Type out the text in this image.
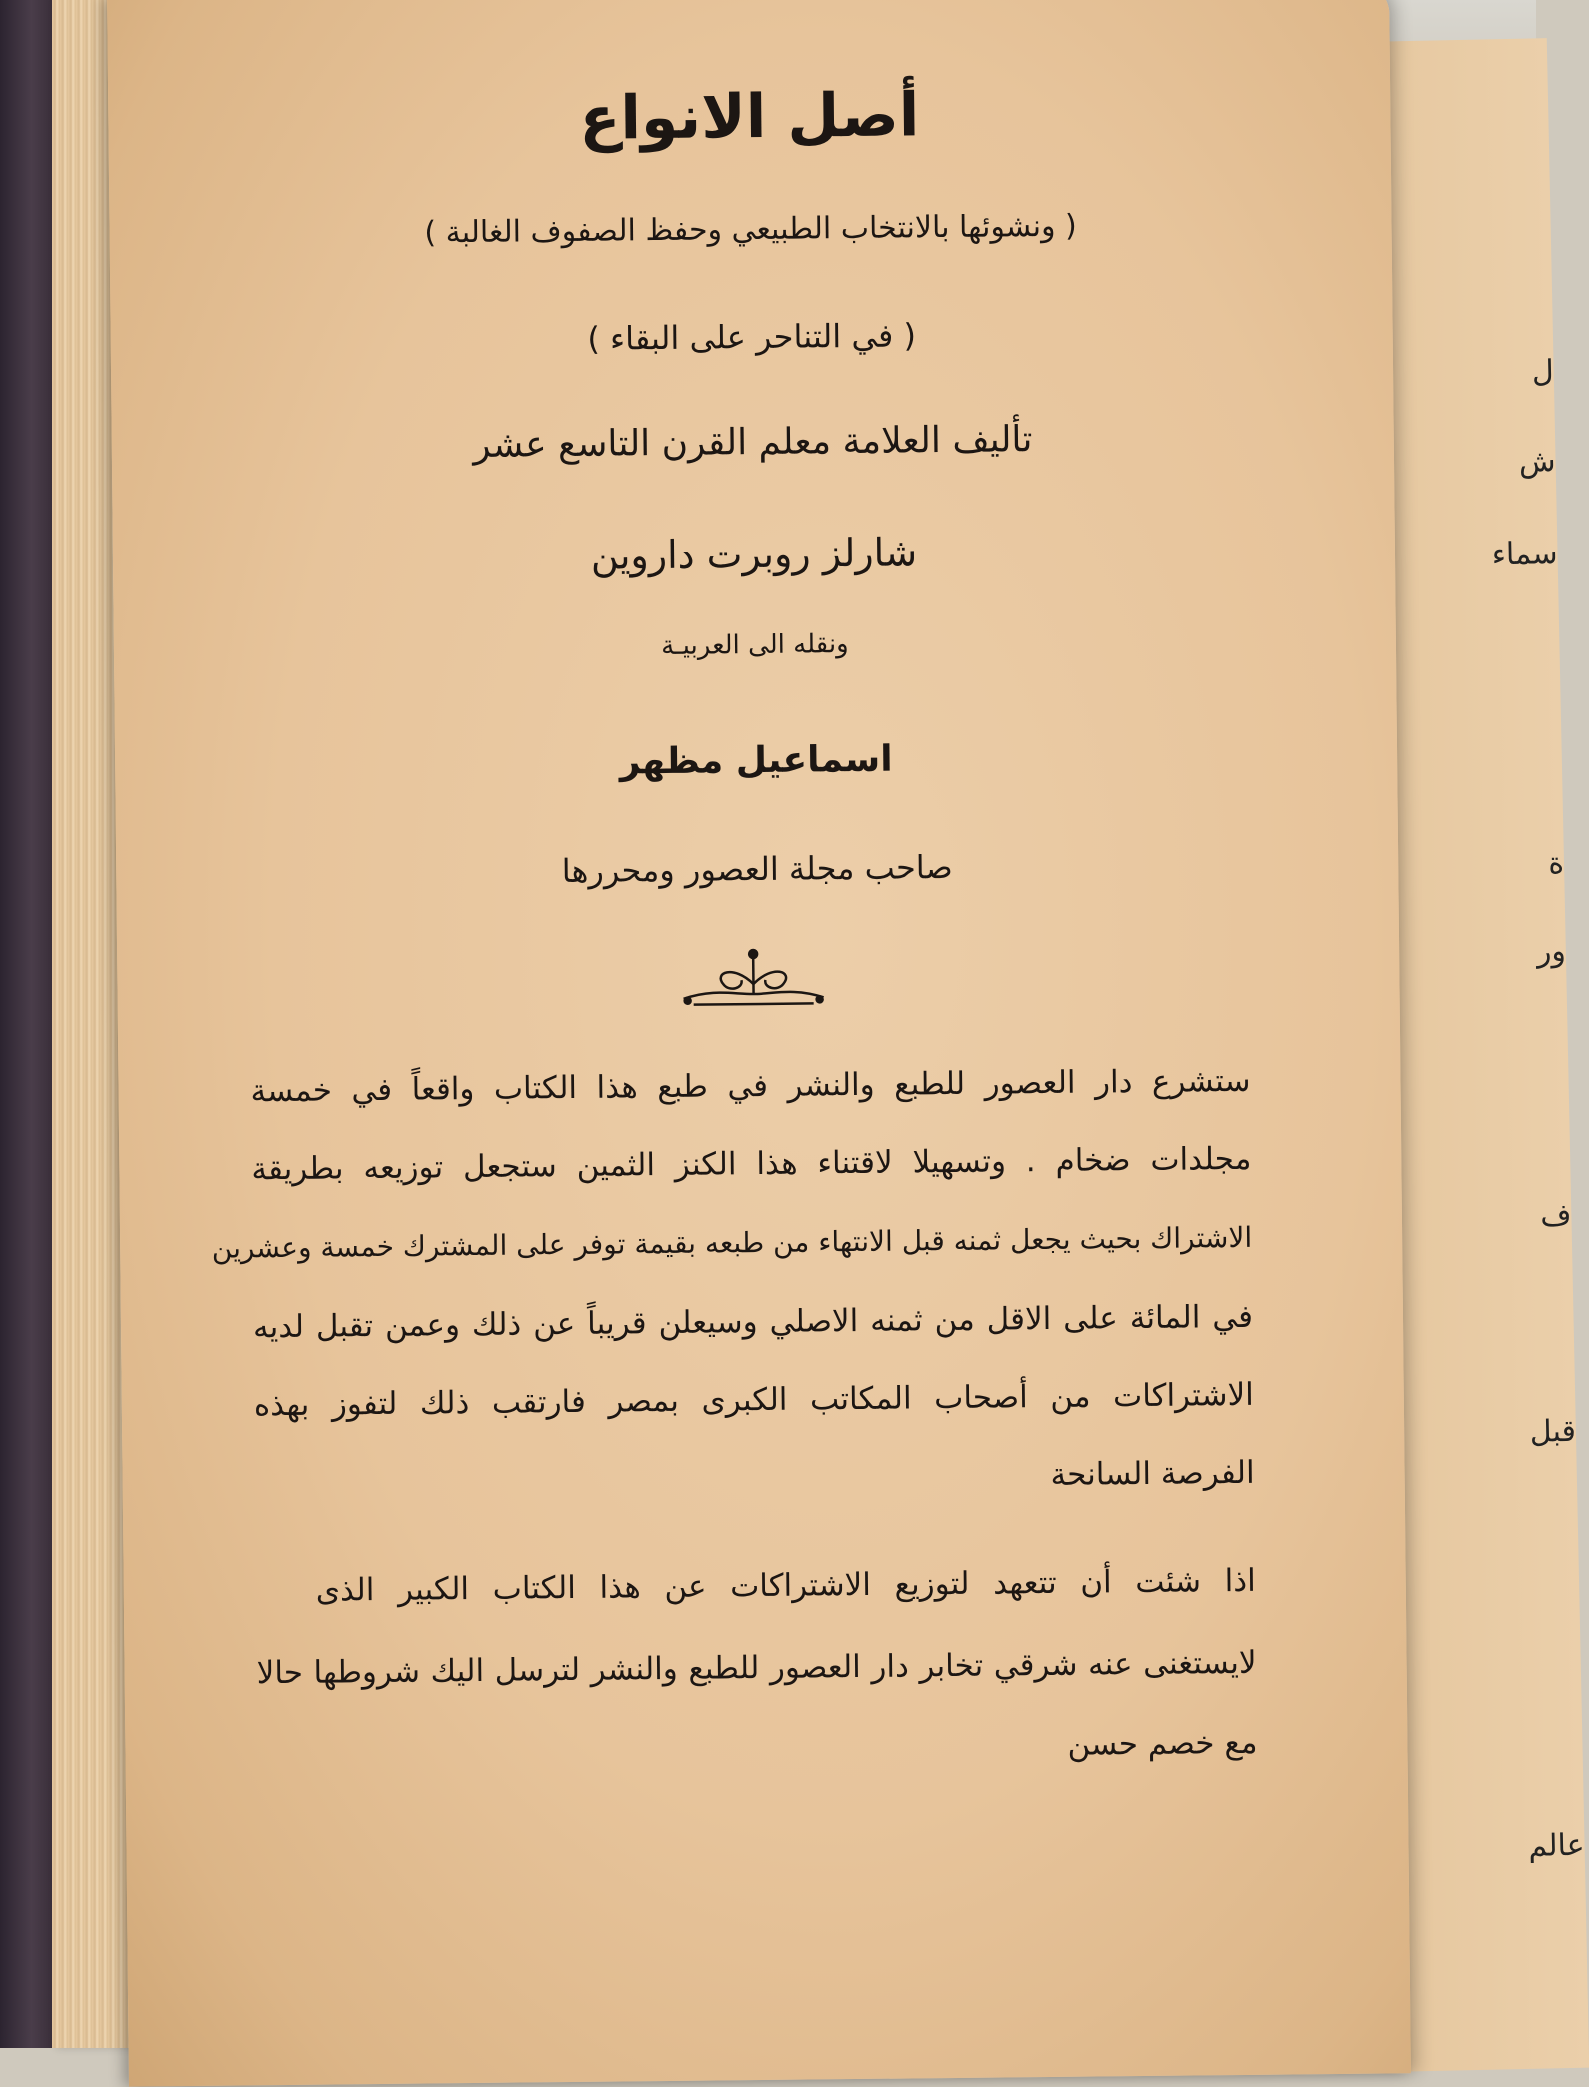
ل
ش
سماء
ة
ور
ف
قبل
عالم
أصل الانواع
( ونشوئها بالانتخاب الطبيعي وحفظ الصفوف الغالبة )
( في التناحر على البقاء )
تأليف العلامة معلم القرن التاسع عشر
شارلز روبرت داروين
ونقله الى العربيـة
اسماعيل مظهر
صاحب مجلة العصور ومحررها
ستشرع دار العصور للطبع والنشر في طبع هذا الكتاب واقعاً في خمسة
مجلدات ضخام . وتسهيلا لاقتناء هذا الكنز الثمين ستجعل توزيعه بطريقة
الاشتراك بحيث يجعل ثمنه قبل الانتهاء من طبعه بقيمة توفر على المشترك خمسة وعشرين
في المائة على الاقل من ثمنه الاصلي وسيعلن قريباً عن ذلك وعمن تقبل لديه
الاشتراكات من أصحاب المكاتب الكبرى بمصر فارتقب ذلك لتفوز بهذه
الفرصة السانحة
اذا شئت أن تتعهد لتوزيع الاشتراكات عن هذا الكتاب الكبير الذى
لايستغنى عنه شرقي تخابر دار العصور للطبع والنشر لترسل اليك شروطها حالا
مع خصم حسن
